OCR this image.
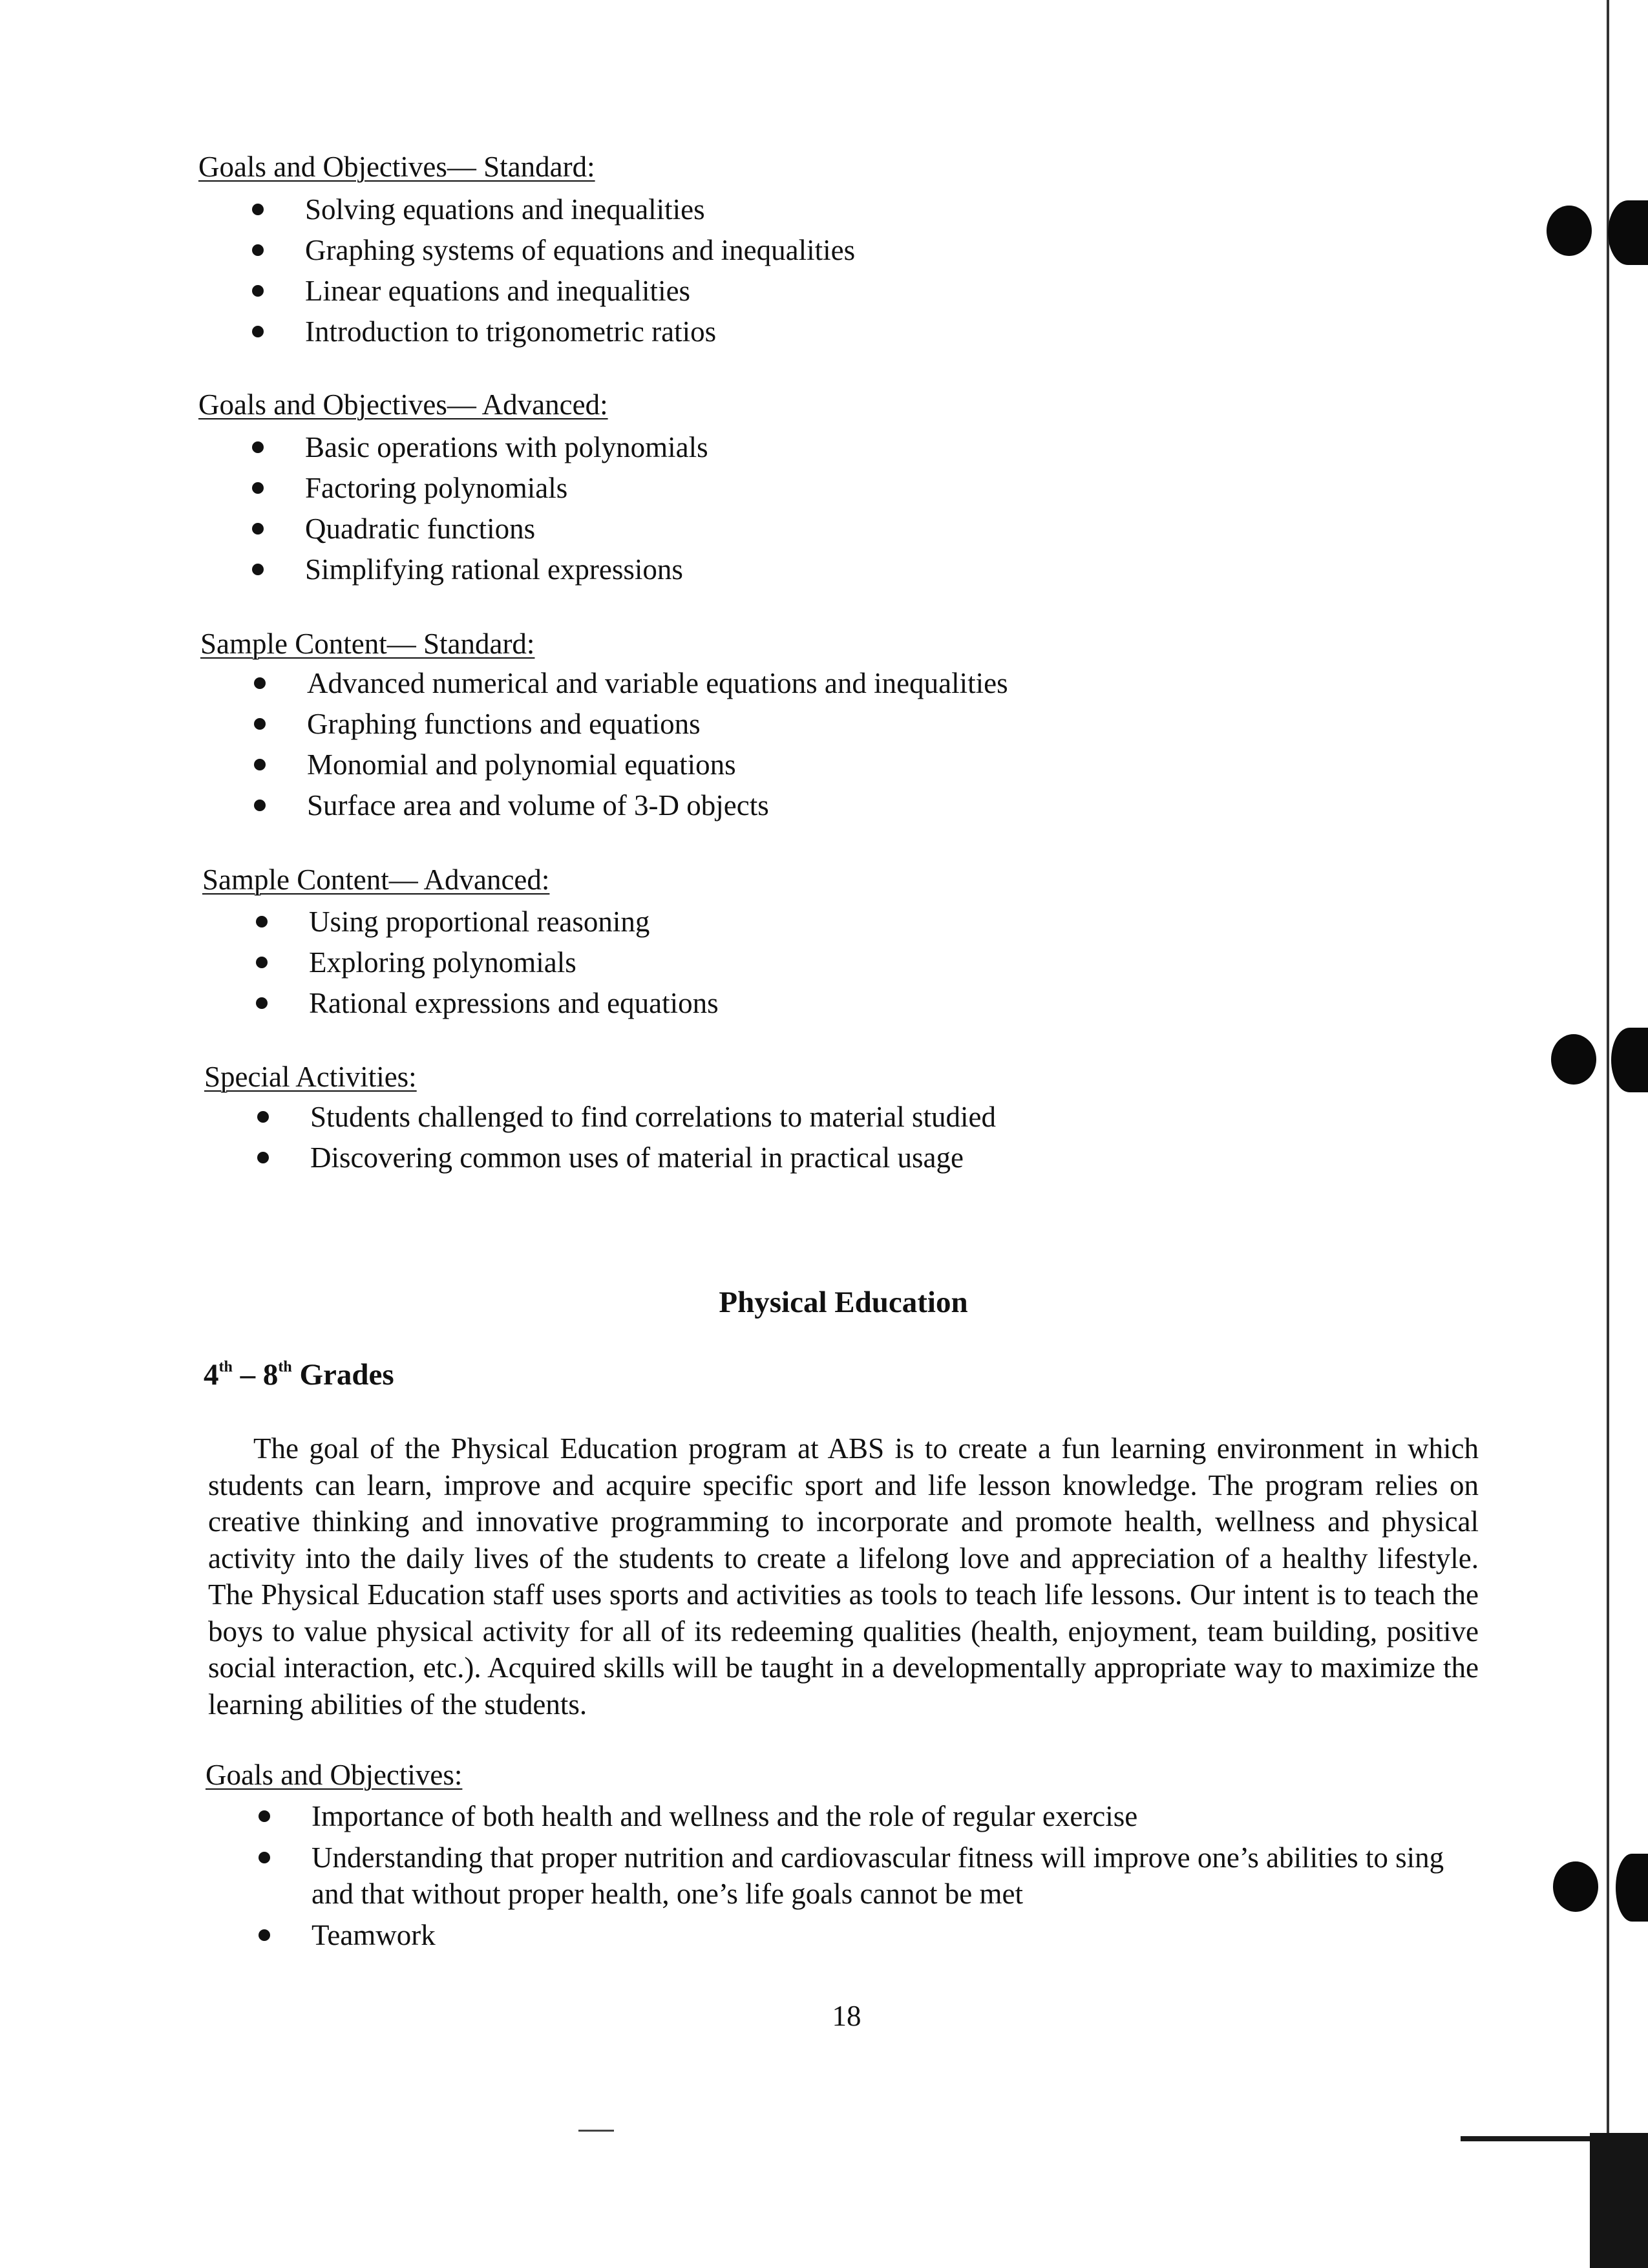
Goals and Objectives— Standard:
Solving equations and inequalities
Graphing systems of equations and inequalities
Linear equations and inequalities
Introduction to trigonometric ratios
Goals and Objectives— Advanced:
Basic operations with polynomials
Factoring polynomials
Quadratic functions
Simplifying rational expressions
Sample Content— Standard:
Advanced numerical and variable equations and inequalities
Graphing functions and equations
Monomial and polynomial equations
Surface area and volume of 3-D objects
Sample Content— Advanced:
Using proportional reasoning
Exploring polynomials
Rational expressions and equations
Special Activities:
Students challenged to find correlations to material studied
Discovering common uses of material in practical usage
Physical Education
4th – 8th Grades
The goal of the Physical Education program at ABS is to create a fun learning environment in which students can learn, improve and acquire specific sport and life lesson knowledge. The program relies on creative thinking and innovative programming to incorporate and promote health, wellness and physical activity into the daily lives of the students to create a lifelong love and appreciation of a healthy lifestyle. The Physical Education staff uses sports and activities as tools to teach life lessons. Our intent is to teach the boys to value physical activity for all of its redeeming qualities (health, enjoyment, team building, positive social interaction, etc.). Acquired skills will be taught in a developmentally appropriate way to maximize the learning abilities of the students.
Goals and Objectives:
Importance of both health and wellness and the role of regular exercise
Understanding that proper nutrition and cardiovascular fitness will improve one’s abilities to sing and that without proper health, one’s life goals cannot be met
Teamwork
18
